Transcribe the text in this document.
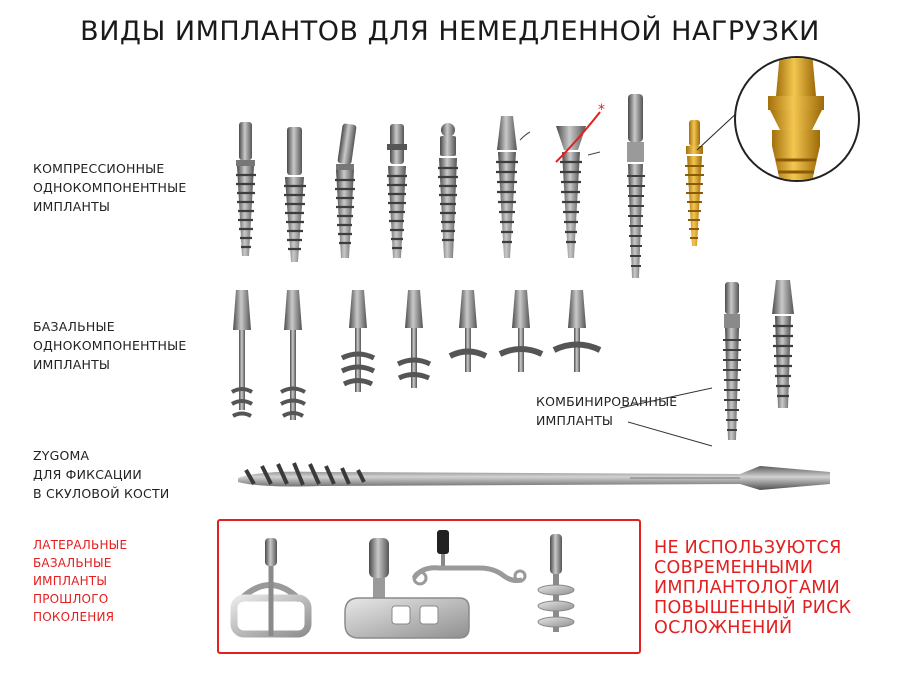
ВИДЫ ИМПЛАНТОВ ДЛЯ НЕМЕДЛЕННОЙ НАГРУЗКИ
КОМПРЕССИОННЫЕ
ОДНОКОМПОНЕНТНЫЕ
ИМПЛАНТЫ
БАЗАЛЬНЫЕ
ОДНОКОМПОНЕНТНЫЕ
ИМПЛАНТЫ
КОМБИНИРОВАННЫЕ
ИМПЛАНТЫ
ZYGOMA
ДЛЯ ФИКСАЦИИ
В СКУЛОВОЙ КОСТИ
ЛАТЕРАЛЬНЫЕ
БАЗАЛЬНЫЕ
ИМПЛАНТЫ
ПРОШЛОГО
ПОКОЛЕНИЯ
НЕ ИСПОЛЬЗУЮТСЯ
СОВРЕМЕННЫМИ
ИМПЛАНТОЛОГАМИ
ПОВЫШЕННЫЙ РИСК
ОСЛОЖНЕНИЙ
*
